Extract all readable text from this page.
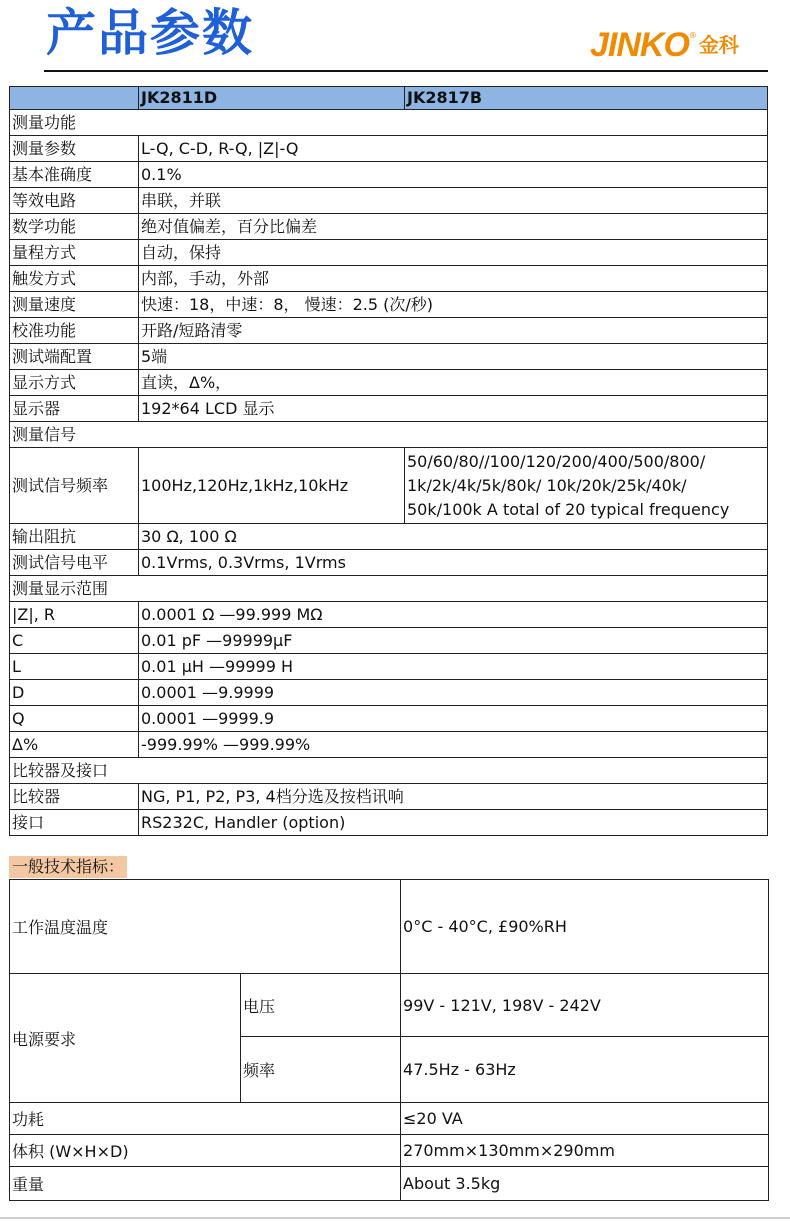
产品参数	JINKO® 金科
	JK2811D	JK2817B
测量功能		
测量参数	L-Q, C-D, R-Q, |Z|-Q	
基本准确度	0.1%	
等效电路	串联，并联	
数学功能	绝对值偏差，百分比偏差	
量程方式	自动，保持	
触发方式	内部，手动，外部	
测量速度	快速：18，中速：8， 慢速：2.5 (次/秒)	
校准功能	开路/短路清零	
测试端配置	5端	
显示方式	直读，Δ%，	
显示器	192*64 LCD 显示	
测量信号		
测试信号频率	100Hz,120Hz,1kHz,10kHz	50/60/80//100/120/200/400/500/800/ 1k/2k/4k/5k/80k/ 10k/20k/25k/40k/ 50k/100k A total of 20 typical frequency
输出阻抗	30 Ω, 100 Ω	
测试信号电平	0.1Vrms, 0.3Vrms, 1Vrms	
测量显示范围		
|Z|, R	0.0001 Ω —99.999 MΩ	
C	0.01 pF —99999μF	
L	0.01 μH —99999 H	
D	0.0001 —9.9999	
Q	0.0001 —9999.9	
Δ%	-999.99% —999.99%	
比较器及接口		
比较器	NG, P1, P2, P3, 4档分选及按档讯响	
接口	RS232C, Handler (option)	
一般技术指标：
工作温度温度		0°C - 40°C, £90%RH
电源要求	电压	99V - 121V, 198V - 242V
	频率	47.5Hz - 63Hz
功耗		≤20 VA
体积 (W×H×D)		270mm×130mm×290mm
重量		About 3.5kg
